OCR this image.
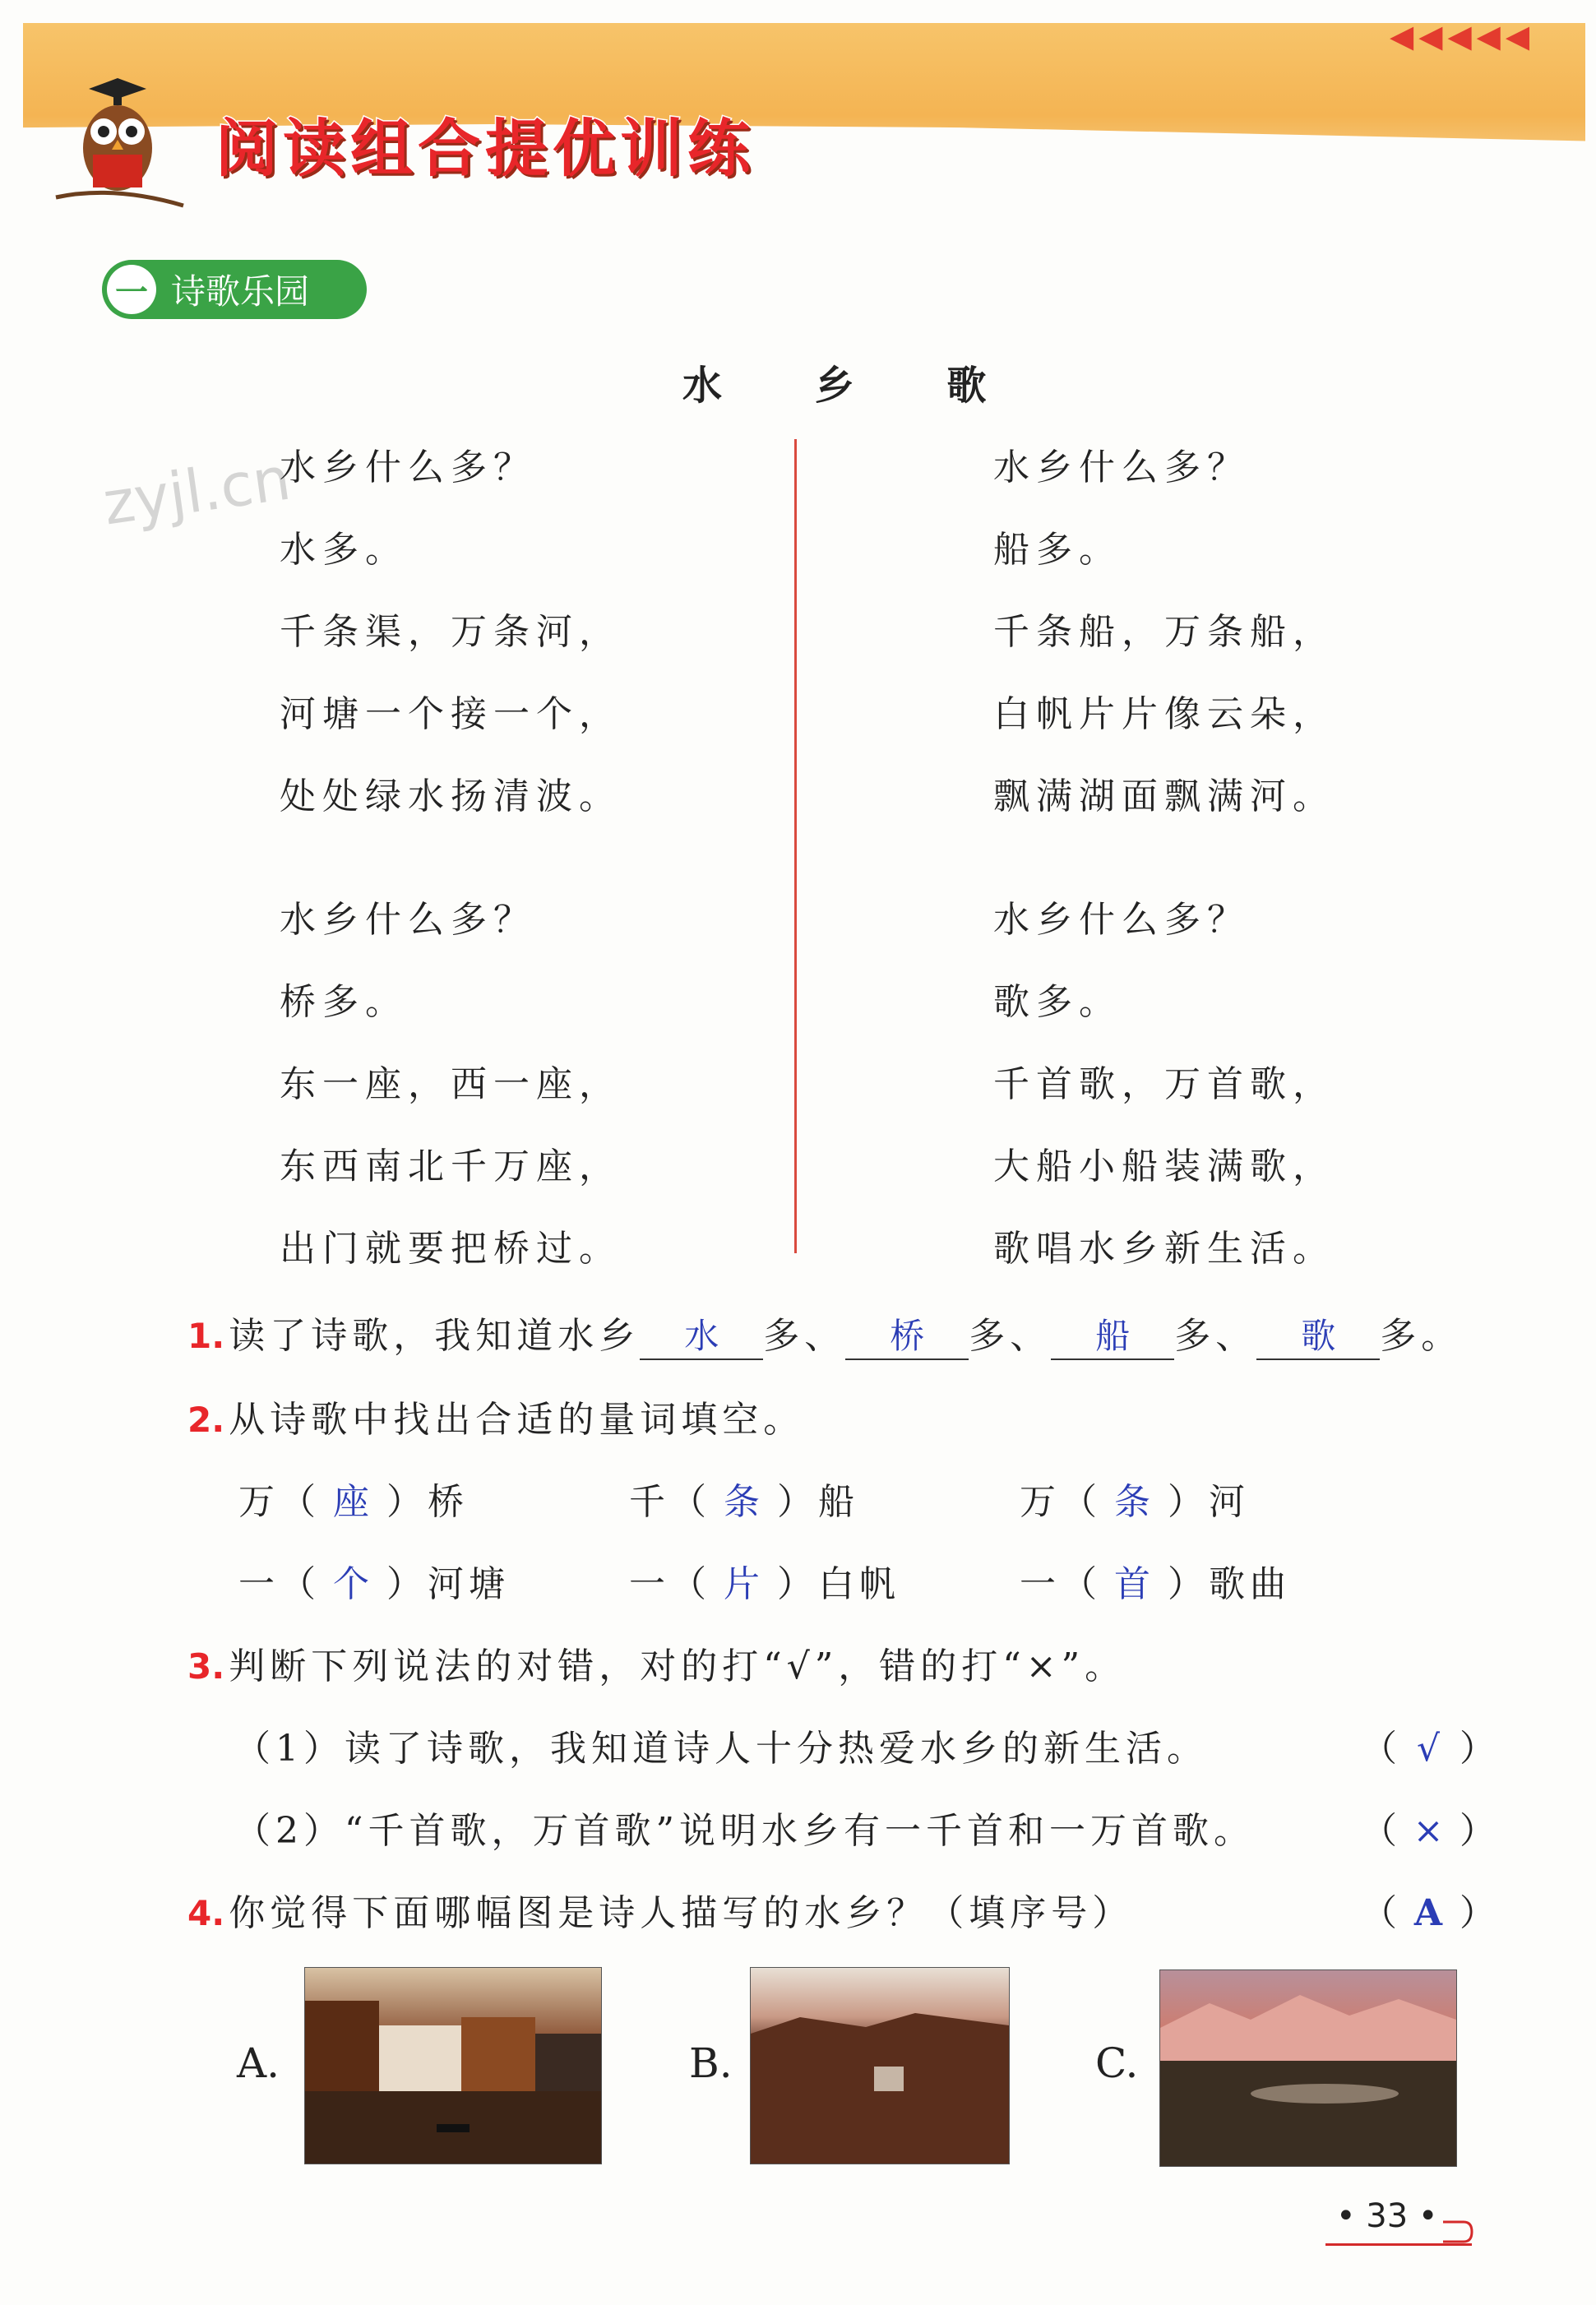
◀◀◀◀◀
阅读组合提优训练
一 诗歌乐园
zyjl.cn
水 乡 歌
水乡什么多？
水多。
千条渠，万条河，
河塘一个接一个，
处处绿水扬清波。
水乡什么多？
桥多。
东一座，西一座，
东西南北千万座，
出门就要把桥过。
水乡什么多？
船多。
千条船，万条船，
白帆片片像云朵，
飘满湖面飘满河。
水乡什么多？
歌多。
千首歌，万首歌，
大船小船装满歌，
歌唱水乡新生活。
1. 读了诗歌，我知道水乡 水 多、 桥 多、 船 多、 歌 多。
2. 从诗歌中找出合适的量词填空。
万（ 座 ）桥	千（ 条 ）船	万（ 条 ）河
一（ 个 ）河塘	一（ 片 ）白帆	一（ 首 ）歌曲
3. 判断下列说法的对错，对的打“√”，错的打“×”。
（1）读了诗歌，我知道诗人十分热爱水乡的新生活。	（ √ ）
（2）“千首歌，万首歌”说明水乡有一千首和一万首歌。	（ × ）
4. 你觉得下面哪幅图是诗人描写的水乡？（填序号）	（ A ）
A.	B.	C.
• 33 •
